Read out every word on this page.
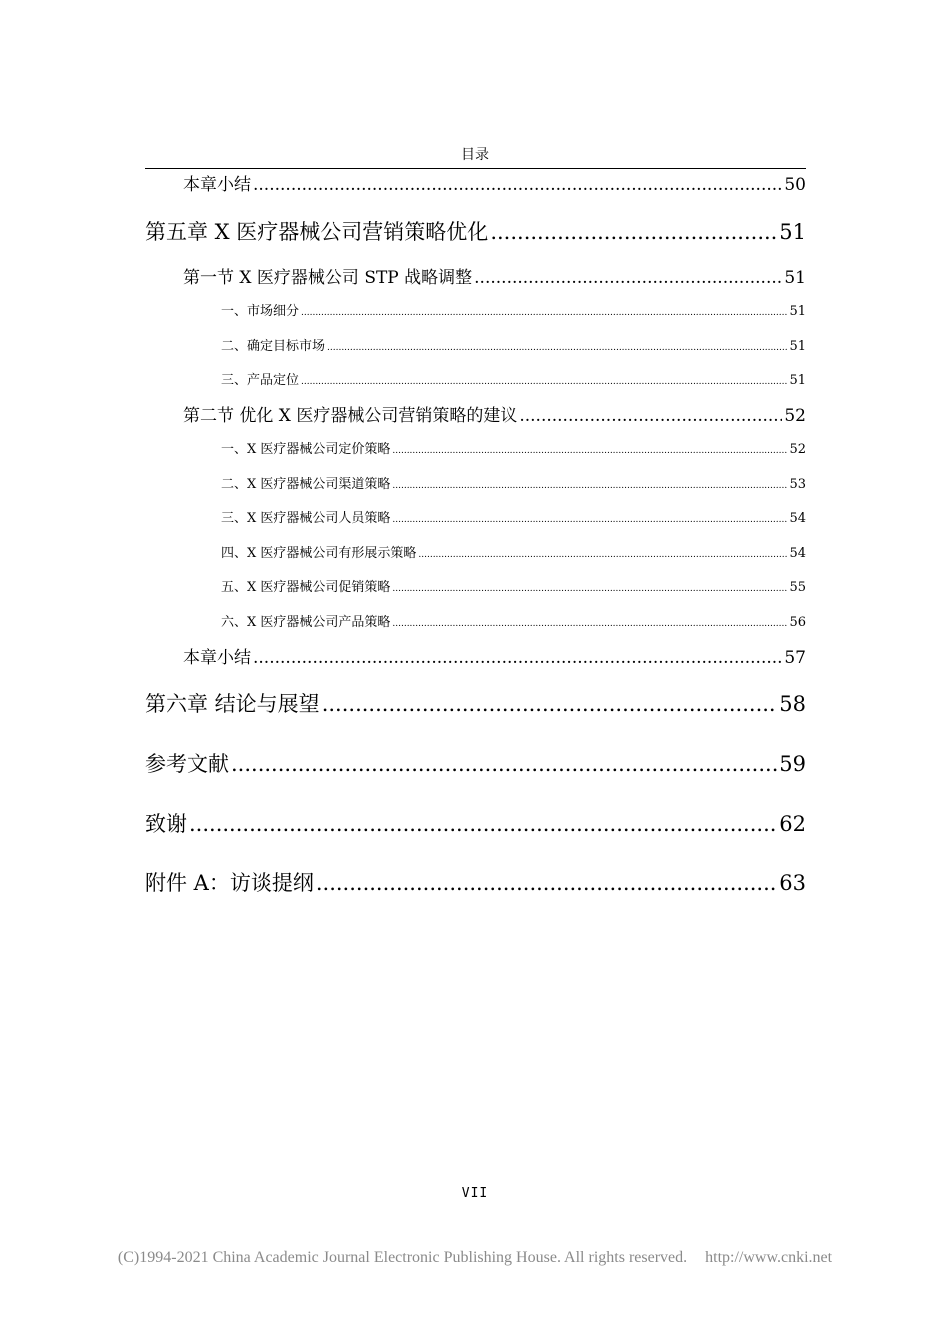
目录
本章小结 .....	50
第五章 X 医疗器械公司营销策略优化 .....	51
第一节 X 医疗器械公司 STP 战略调整 .....	51
一、市场细分 .....	51
二、确定目标市场 .....	51
三、产品定位 .....	51
第二节 优化 X 医疗器械公司营销策略的建议 .....	52
一、X 医疗器械公司定价策略 .....	52
二、X 医疗器械公司渠道策略 .....	53
三、X 医疗器械公司人员策略 .....	54
四、X 医疗器械公司有形展示策略 .....	54
五、X 医疗器械公司促销策略 .....	55
六、X 医疗器械公司产品策略 .....	56
本章小结 .....	57
第六章 结论与展望 .....	58
参考文献 .....	59
致谢 .....	62
附件 A：访谈提纲 .....	63
VII
(C)1994-2021 China Academic Journal Electronic Publishing House. All rights reserved. http://www.cnki.net
